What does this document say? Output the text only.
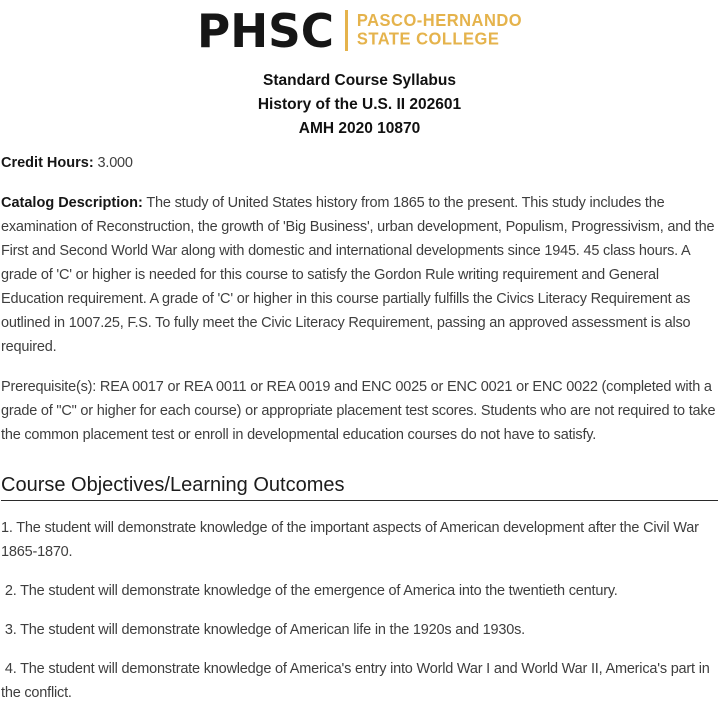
PHSC PASCO-HERNANDO
STATE COLLEGE
Standard Course Syllabus
History of the U.S. II 202601
AMH 2020 10870
Credit Hours: 3.000
Catalog Description: The study of United States history from 1865 to the present. This study includes the examination of Reconstruction, the growth of 'Big Business', urban development, Populism, Progressivism, and the First and Second World War along with domestic and international developments since 1945. 45 class hours. A grade of 'C' or higher is needed for this course to satisfy the Gordon Rule writing requirement and General Education requirement. A grade of 'C' or higher in this course partially fulfills the Civics Literacy Requirement as outlined in 1007.25, F.S. To fully meet the Civic Literacy Requirement, passing an approved assessment is also required.
Prerequisite(s): REA 0017 or REA 0011 or REA 0019 and ENC 0025 or ENC 0021 or ENC 0022 (completed with a grade of "C" or higher for each course) or appropriate placement test scores. Students who are not required to take the common placement test or enroll in developmental education courses do not have to satisfy.
Course Objectives/Learning Outcomes
1. The student will demonstrate knowledge of the important aspects of American development after the Civil War 1865-1870.
2. The student will demonstrate knowledge of the emergence of America into the twentieth century.
3. The student will demonstrate knowledge of American life in the 1920s and 1930s.
4. The student will demonstrate knowledge of America's entry into World War I and World War II, America's part in the conflict.
